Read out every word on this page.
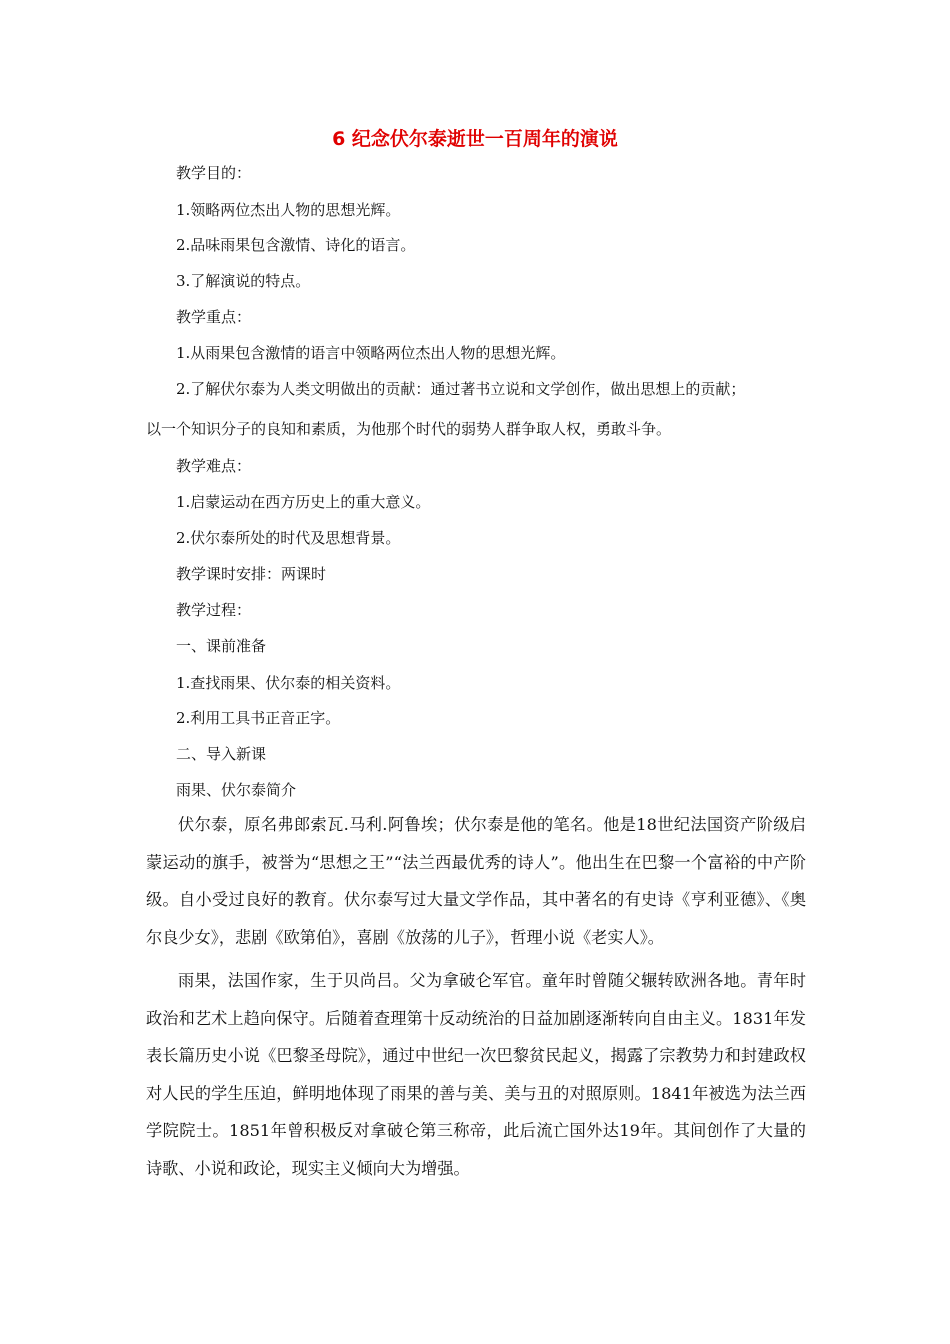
6 纪念伏尔泰逝世一百周年的演说
教学目的：
1.领略两位杰出人物的思想光辉。
2.品味雨果包含激情、诗化的语言。
3.了解演说的特点。
教学重点：
1.从雨果包含激情的语言中领略两位杰出人物的思想光辉。
2.了解伏尔泰为人类文明做出的贡献：通过著书立说和文学创作，做出思想上的贡献；
以一个知识分子的良知和素质，为他那个时代的弱势人群争取人权，勇敢斗争。
教学难点：
1.启蒙运动在西方历史上的重大意义。
2.伏尔泰所处的时代及思想背景。
教学课时安排：两课时
教学过程：
一、课前准备
1.查找雨果、伏尔泰的相关资料。
2.利用工具书正音正字。
二、导入新课
雨果、伏尔泰简介

伏尔泰，原名弗郎索瓦.马利.阿鲁埃；伏尔泰是他的笔名。他是18世纪法国资产阶级启蒙运动的旗手，被誉为“思想之王”“法兰西最优秀的诗人”。他出生在巴黎一个富裕的中产阶级。自小受过良好的教育。伏尔泰写过大量文学作品，其中著名的有史诗《亨利亚德》、《奥尔良少女》，悲剧《欧第伯》，喜剧《放荡的儿子》，哲理小说《老实人》。

雨果，法国作家，生于贝尚吕。父为拿破仑军官。童年时曾随父辗转欧洲各地。青年时政治和艺术上趋向保守。后随着查理第十反动统治的日益加剧逐渐转向自由主义。1831年发表长篇历史小说《巴黎圣母院》，通过中世纪一次巴黎贫民起义，揭露了宗教势力和封建政权对人民的学生压迫，鲜明地体现了雨果的善与美、美与丑的对照原则。1841年被选为法兰西学院院士。1851年曾积极反对拿破仑第三称帝，此后流亡国外达19年。其间创作了大量的诗歌、小说和政论，现实主义倾向大为增强。
